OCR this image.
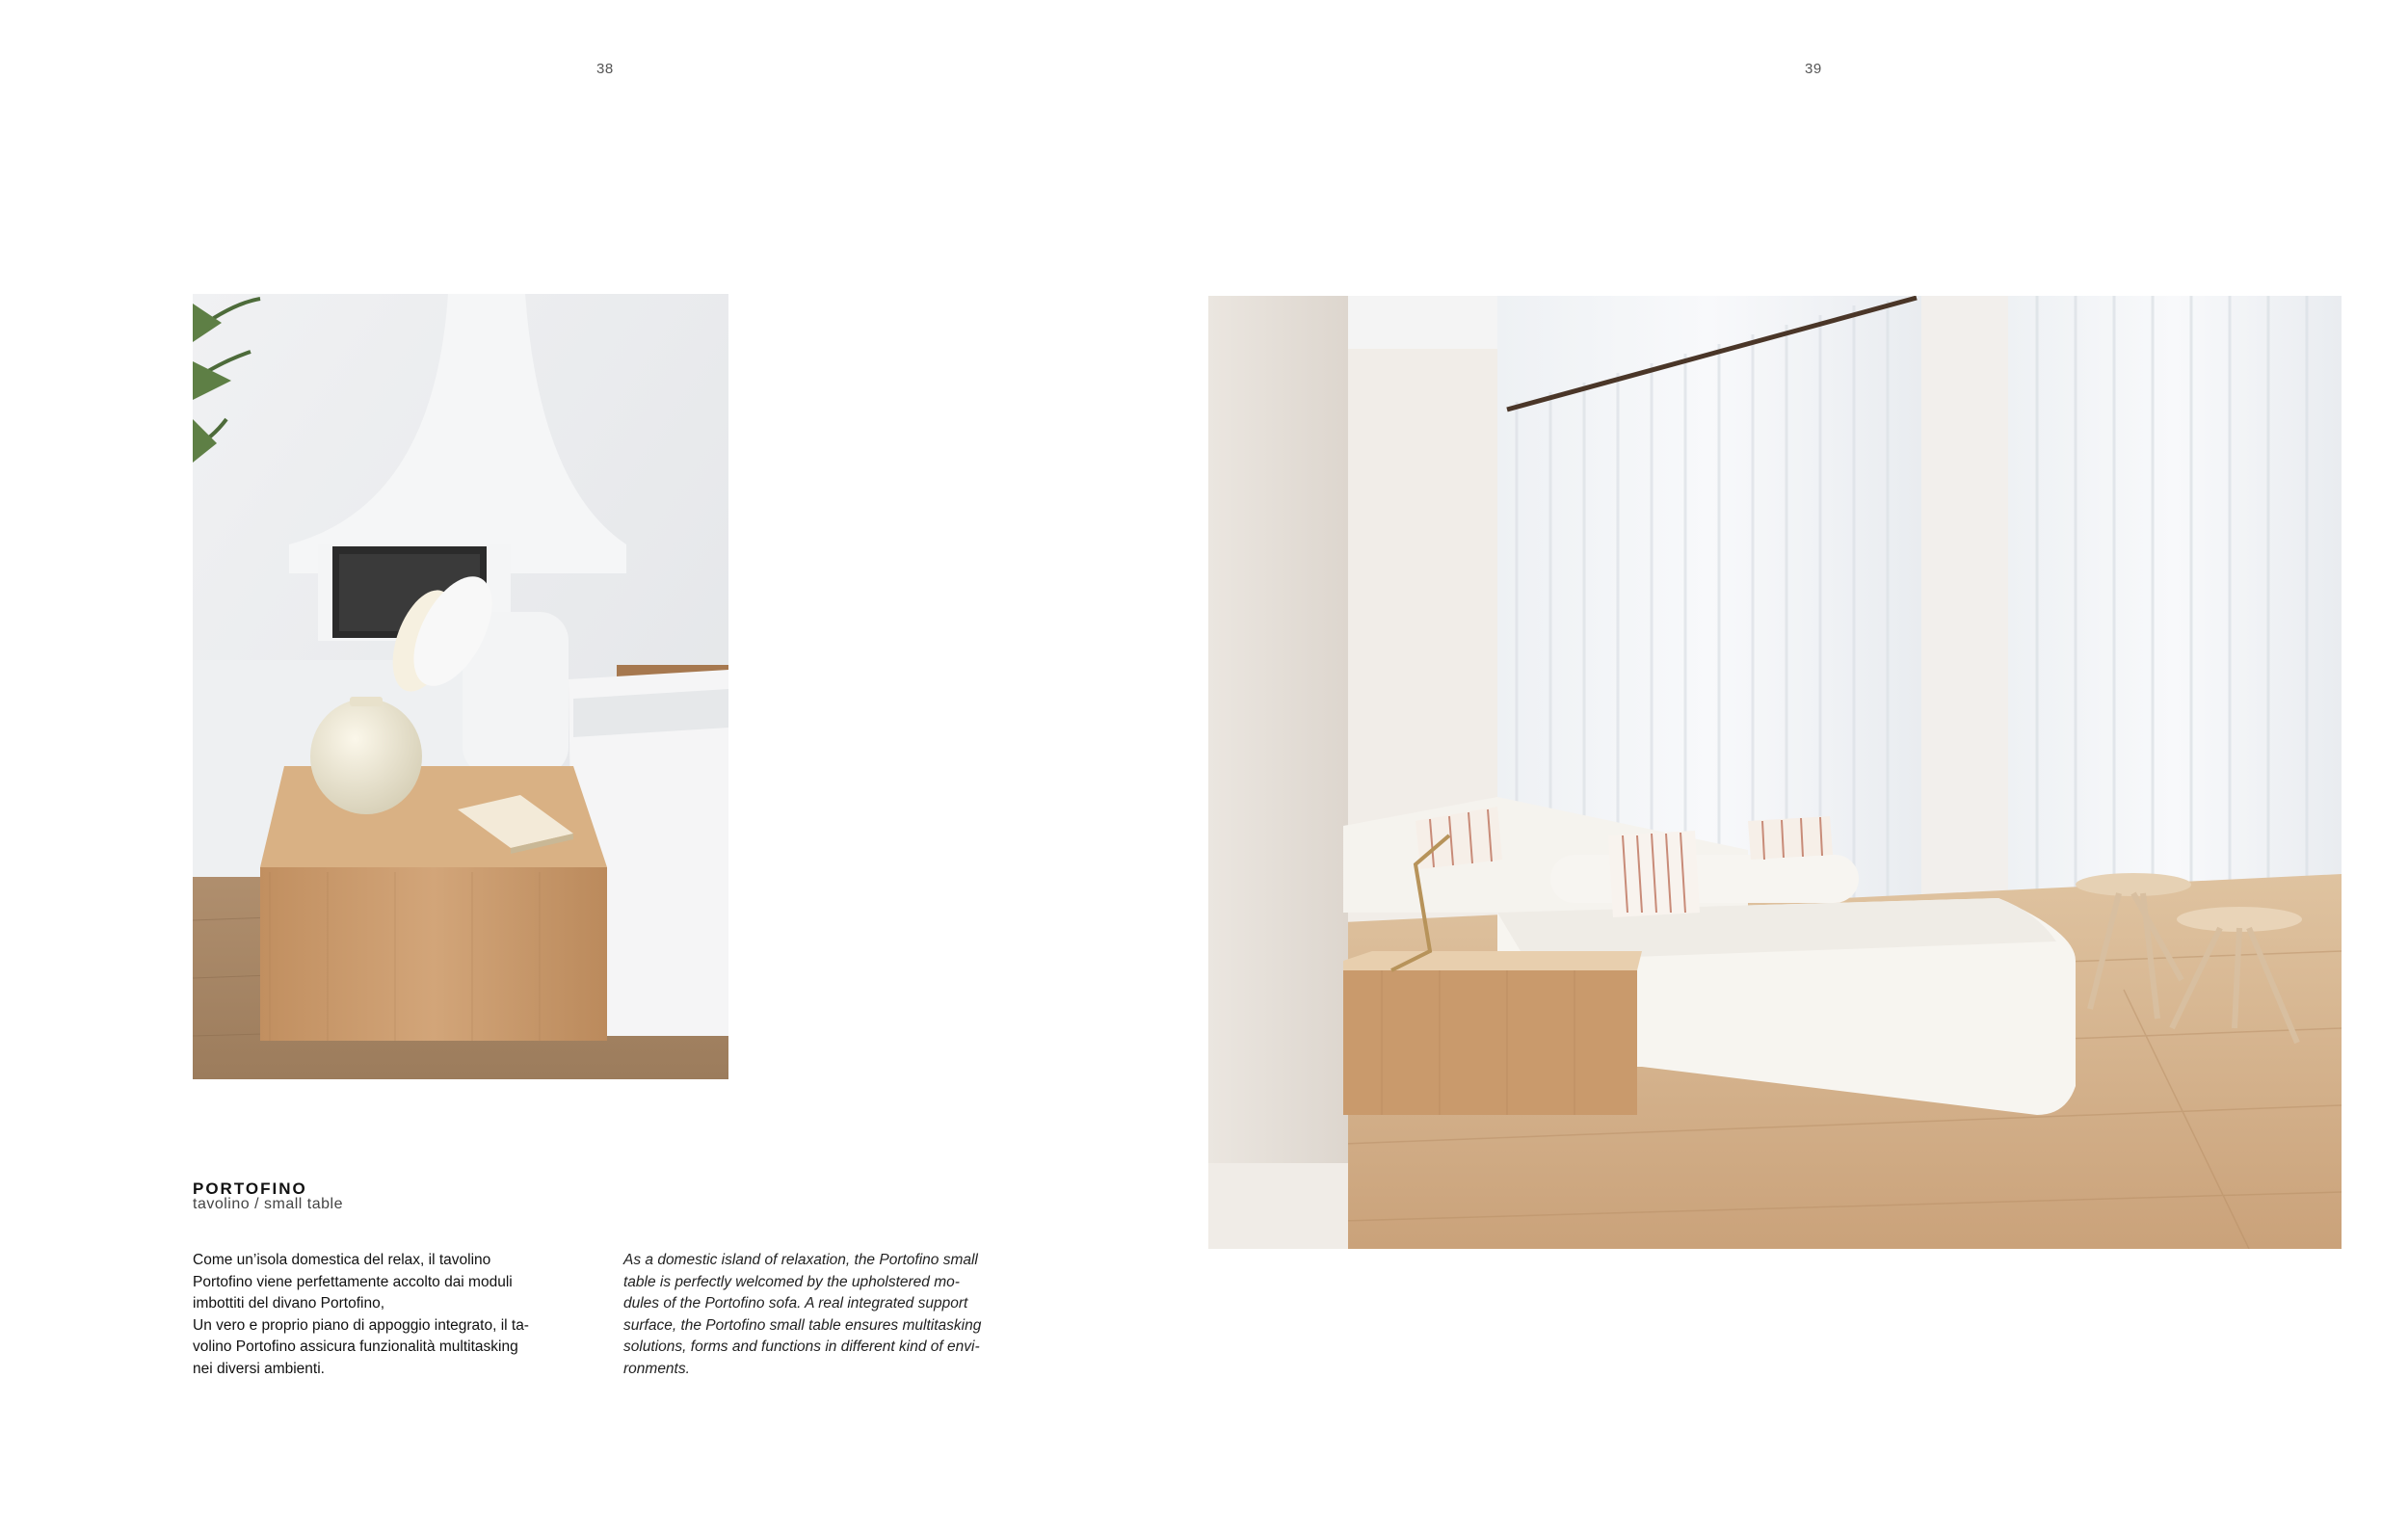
38	39
PORTOFINO
tavolino / small table

Come un’isola domestica del relax, il tavolino

Portofino viene perfettamente accolto dai moduli

imbottiti del divano Portofino,

Un vero e proprio piano di appoggio integrato, il ta-

volino Portofino assicura funzionalità multitasking

nei diversi ambienti.

As a domestic island of relaxation, the Portofino small

table is perfectly welcomed by the upholstered mo-

dules of the Portofino sofa. A real integrated support

surface, the Portofino small table ensures multitasking

solutions, forms and functions in different kind of envi-

ronments.
